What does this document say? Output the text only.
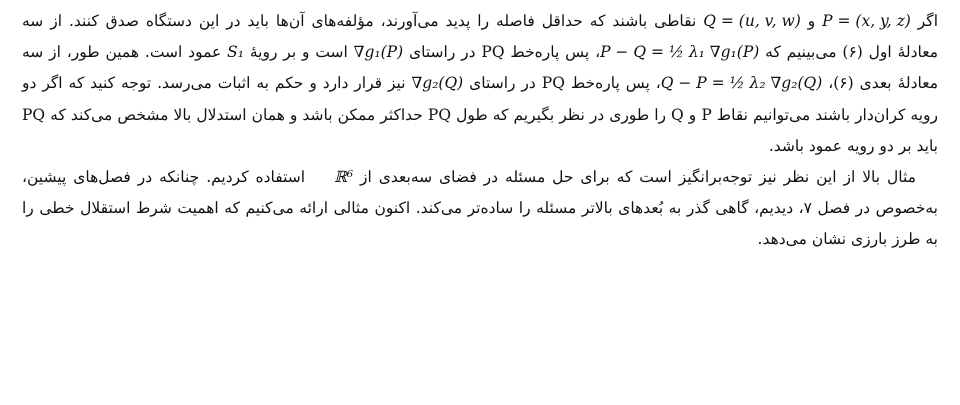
اگر P = (x, y, z) و Q = (u, v, w) نقاطی باشند که حداقل فاصله را پدید می‌آورند، مؤلفه‌های آن‌ها باید در این دستگاه صدق کنند. از سه معادلهٔ اول (۶) می‌بینیم که P − Q = ½ λ₁ ∇g₁(P)، پس پاره‌خط PQ در راستای ∇g₁(P) است و بر رویهٔ S₁ عمود است. همین طور، از سه معادلهٔ بعدی (۶)، Q − P = ½ λ₂ ∇g₂(Q)، پس پاره‌خط PQ در راستای ∇g₂(Q) نیز قرار دارد و حکم به اثبات می‌رسد. توجه کنید که اگر دو رویه کران‌دار باشند می‌توانیم نقاط P و Q را طوری در نظر بگیریم که طول PQ حداکثر ممکن باشد و همان استدلال بالا مشخص می‌کند که PQ باید بر دو رویه عمود باشد.

مثال بالا از این نظر نیز توجه‌برانگیز است که برای حل مسئله در فضای سه‌بعدی از ℝ⁶ استفاده کردیم. چنانکه در فصل‌های پیشین، به‌خصوص در فصل ۷، دیدیم، گاهی گذر به بُعدهای بالاتر مسئله را ساده‌تر می‌کند. اکنون مثالی ارائه می‌کنیم که اهمیت شرط استقلال خطی را به طرز بارزی نشان می‌دهد.
